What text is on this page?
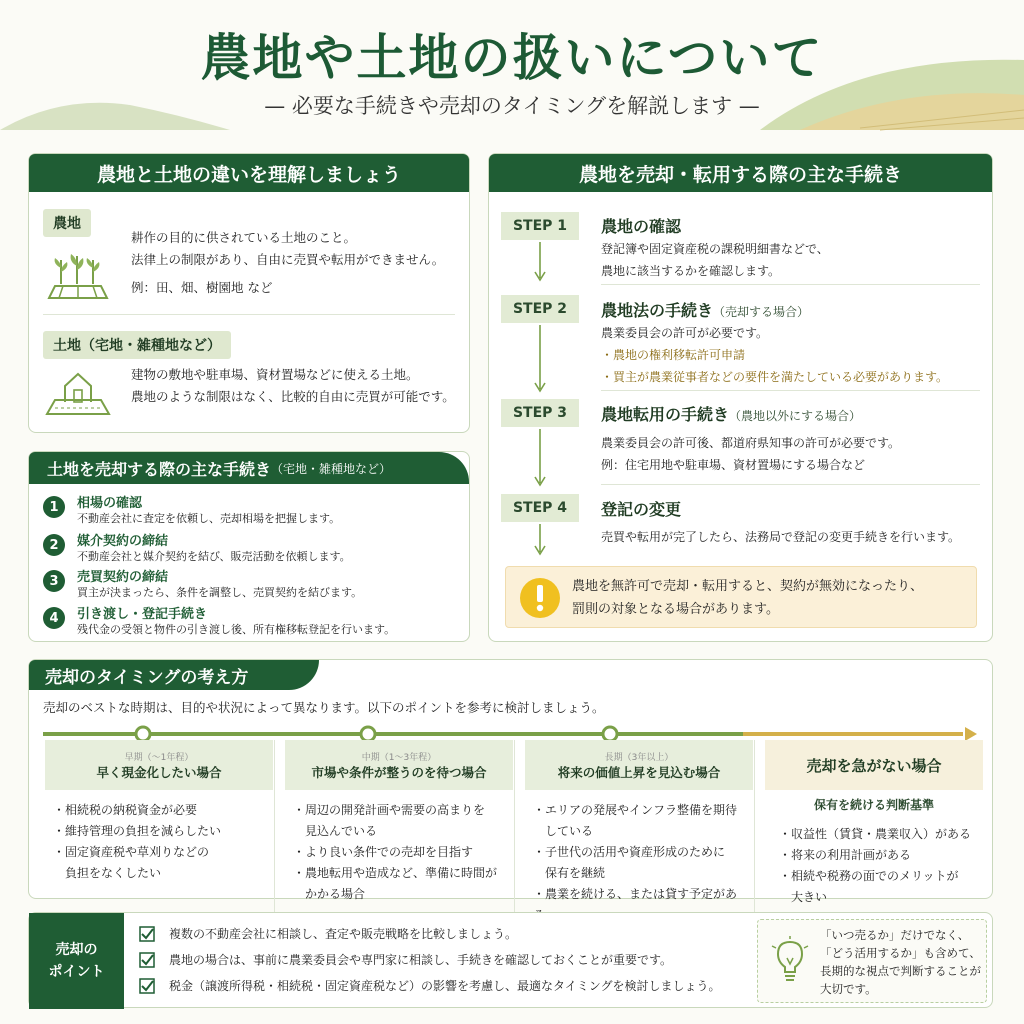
農地や土地の扱いについて
— 必要な手続きや売却のタイミングを解説します —
農地と土地の違いを理解しましょう
農地
耕作の目的に供されている土地のこと。
法律上の制限があり、自由に売買や転用ができません。
例：田、畑、樹園地 など
土地（宅地・雑種地など）
建物の敷地や駐車場、資材置場などに使える土地。
農地のような制限はなく、比較的自由に売買が可能です。
土地を売却する際の主な手続き （宅地・雑種地など）
1	相場の確認
不動産会社に査定を依頼し、売却相場を把握します。
2	媒介契約の締結
不動産会社と媒介契約を結び、販売活動を依頼します。
3	売買契約の締結
買主が決まったら、条件を調整し、売買契約を結びます。
4	引き渡し・登記手続き
残代金の受領と物件の引き渡し後、所有権移転登記を行います。
農地を売却・転用する際の主な手続き
STEP 1	農地の確認
登記簿や固定資産税の課税明細書などで、
農地に該当するかを確認します。
STEP 2	農地法の手続き（売却する場合）
農業委員会の許可が必要です。
・農地の権利移転許可申請
・買主が農業従事者などの要件を満たしている必要があります。
STEP 3	農地転用の手続き（農地以外にする場合）
農業委員会の許可後、都道府県知事の許可が必要です。
例：住宅用地や駐車場、資材置場にする場合など
STEP 4	登記の変更
売買や転用が完了したら、法務局で登記の変更手続きを行います。
農地を無許可で売却・転用すると、契約が無効になったり、
罰則の対象となる場合があります。
売却のタイミングの考え方
売却のベストな時期は、目的や状況によって異なります。以下のポイントを参考に検討しましょう。
早期（〜1年程）
早く現金化したい場合
・相続税の納税資金が必要
・維持管理の負担を減らしたい
・固定資産税や草刈りなどの
　負担をなくしたい
中期（1〜3年程）
市場や条件が整うのを待つ場合
・周辺の開発計画や需要の高まりを
　見込んでいる
・より良い条件での売却を目指す
・農地転用や造成など、準備に時間が
　かかる場合
長期（3年以上）
将来の価値上昇を見込む場合
・エリアの発展やインフラ整備を期待
　している
・子世代の活用や資産形成のために
　保有を継続
・農業を続ける、または貸す予定があ
売却を急がない場合
保有を続ける判断基準
・収益性（賃貸・農業収入）がある
・将来の利用計画がある
・相続や税務の面でのメリットが
　大きい
売却の
ポイント
複数の不動産会社に相談し、査定や販売戦略を比較しましょう。
農地の場合は、事前に農業委員会や専門家に相談し、手続きを確認しておくことが重要です。
税金（譲渡所得税・相続税・固定資産税など）の影響を考慮し、最適なタイミングを検討しましょう。
「いつ売るか」だけでなく、
「どう活用するか」も含めて、
長期的な視点で判断することが
大切です。
